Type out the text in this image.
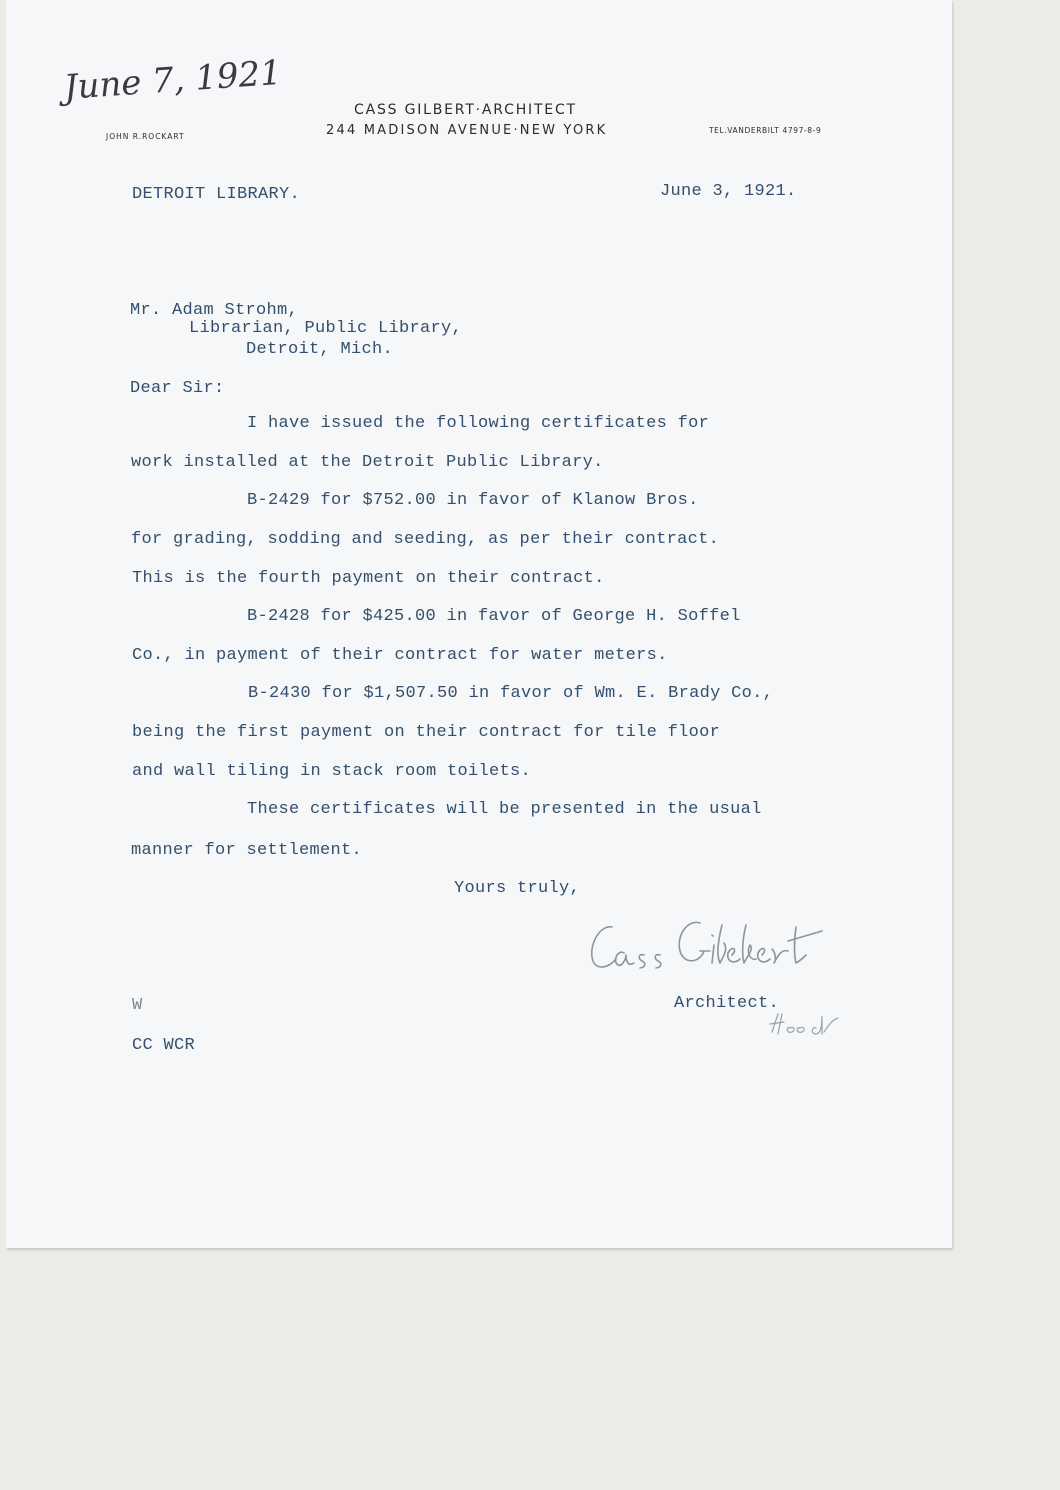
CASS GILBERT·ARCHITECT
244 MADISON AVENUE·NEW YORK
JOHN R.ROCKART
TEL.VANDERBILT 4797-8-9
June 7, 1921
DETROIT LIBRARY.	June 3, 1921.
Mr. Adam Strohm,
Librarian, Public Library,
Detroit, Mich.
Dear Sir:
I have issued the following certificates for
work installed at the Detroit Public Library.
B-2429 for $752.00 in favor of Klanow Bros.
for grading, sodding and seeding, as per their contract.
This is the fourth payment on their contract.
B-2428 for $425.00 in favor of George H. Soffel
Co., in payment of their contract for water meters.
B-2430 for $1,507.50 in favor of Wm. E. Brady Co.,
being the first payment on their contract for tile floor
and wall tiling in stack room toilets.
These certificates will be presented in the usual
manner for settlement.
Yours truly,
Architect.
W
CC WCR
